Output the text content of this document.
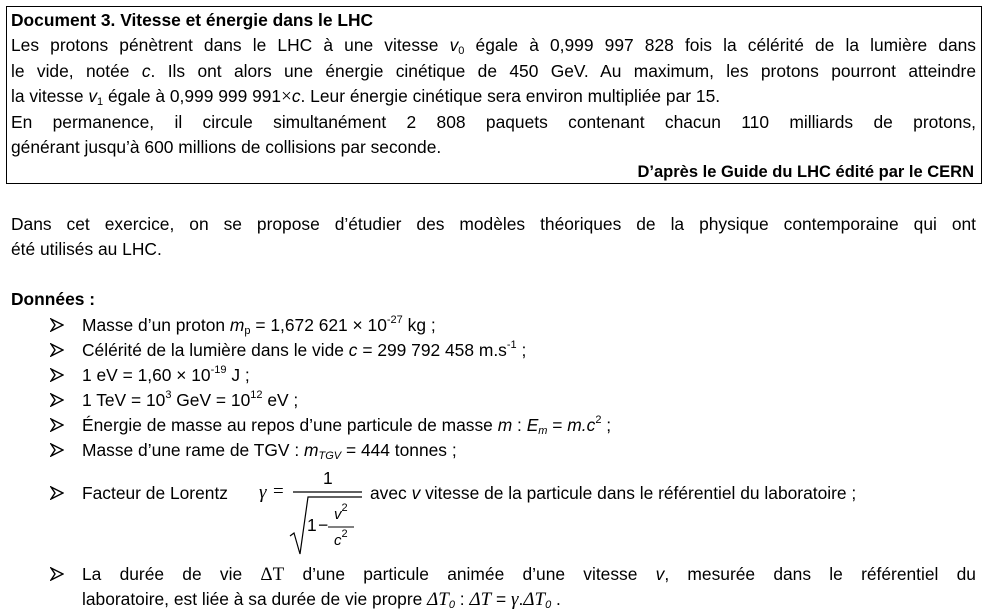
Document 3. Vitesse et énergie dans le LHC
Les protons pénètrent dans le LHC à une vitesse $v_0$ égale à 0,999 997 828 fois la célérité de la lumière dans
le vide, notée c. Ils ont alors une énergie cinétique de 450 GeV. Au maximum, les protons pourront atteindre
la vitesse $v_1$ égale à 0,999 999 991×c. Leur énergie cinétique sera environ multipliée par 15.
En permanence, il circule simultanément 2 808 paquets contenant chacun 110 milliards de protons,
générant jusqu’à 600 millions de collisions par seconde.
D’après le Guide du LHC édité par le CERN
Dans cet exercice, on se propose d’étudier des modèles théoriques de la physique contemporaine qui ont
été utilisés au LHC.
Données :
Masse d’un proton $m_p = 1,672$ $621 \times 10^{-27}$ kg ;
Célérité de la lumière dans le vide c = 299 792 458 $m.s^{-1}$ ;
1 eV = $1,60 \times 10^{-19}$ J ;
1 TeV = $10^3$ GeV = $10^{12}$ eV ;
Énergie de masse au repos d’une particule de masse m : $E_m = m.c^2$ ;
Masse d’une rame de TGV : $m_{TGV} = 444$ tonnes ;
Facteur de Lorentz γ =
1
1 −
$v^2$
$c^2$
avec v vitesse de la particule dans le référentiel du laboratoire ;
La durée de vie ΔT d’une particule animée d’une vitesse v, mesurée dans le référentiel du
laboratoire, est liée à sa durée de vie propre $\Delta T_0$ : $\Delta T = \gamma.\Delta T_0$ .
